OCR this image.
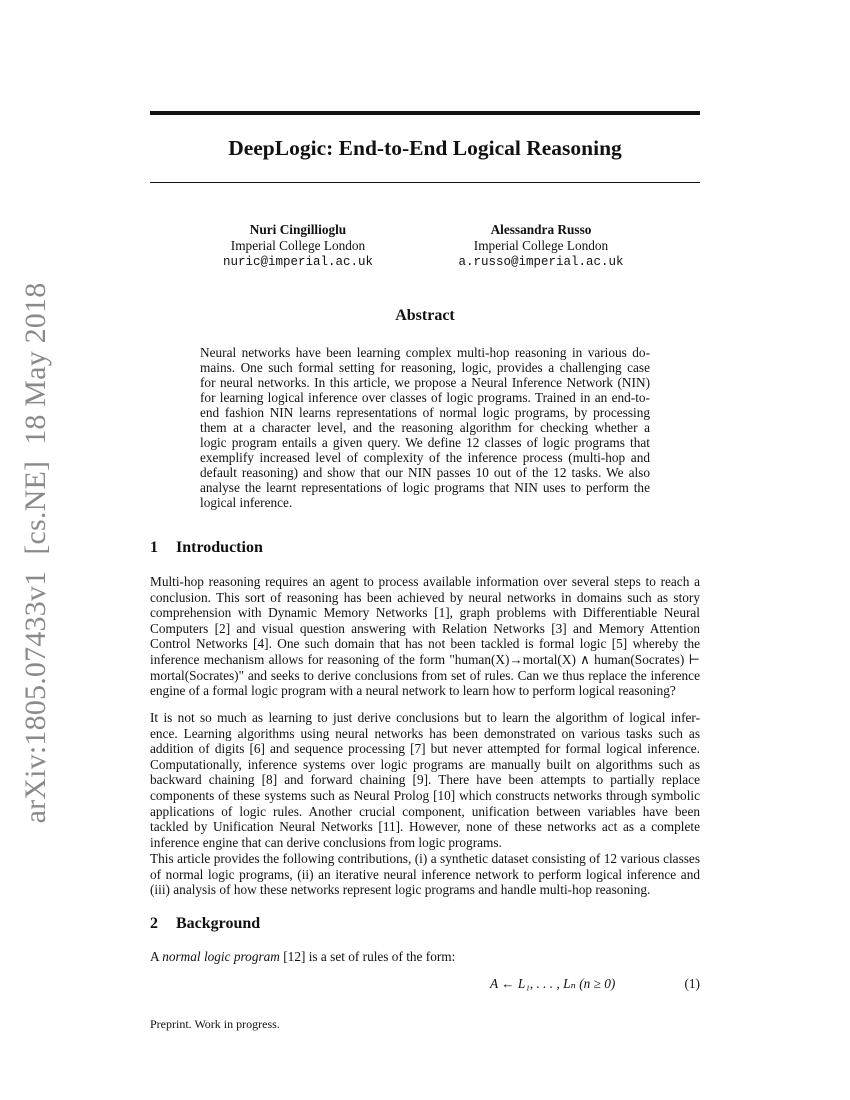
arXiv:1805.07433v1[cs.NE]18 May 2018
DeepLogic: End-to-End Logical Reasoning
Nuri Cingillioglu
Imperial College London
nuric@imperial.ac.uk
Alessandra Russo
Imperial College London
a.russo@imperial.ac.uk
Abstract
Neural networks have been learning complex multi-hop reasoning in various do-
mains. One such formal setting for reasoning, logic, provides a challenging case
for neural networks. In this article, we propose a Neural Inference Network (NIN)
for learning logical inference over classes of logic programs. Trained in an end-to-
end fashion NIN learns representations of normal logic programs, by processing
them at a character level, and the reasoning algorithm for checking whether a
logic program entails a given query. We define 12 classes of logic programs that
exemplify increased level of complexity of the inference process (multi-hop and
default reasoning) and show that our NIN passes 10 out of the 12 tasks. We also
analyse the learnt representations of logic programs that NIN uses to perform the
logical inference.
1 Introduction
Multi-hop reasoning requires an agent to process available information over several steps to reach a
conclusion. This sort of reasoning has been achieved by neural networks in domains such as story
comprehension with Dynamic Memory Networks [1], graph problems with Differentiable Neural
Computers [2] and visual question answering with Relation Networks [3] and Memory Attention
Control Networks [4]. One such domain that has not been tackled is formal logic [5] whereby the
inference mechanism allows for reasoning of the form "human(X)→mortal(X) ∧ human(Socrates) ⊢
mortal(Socrates)" and seeks to derive conclusions from set of rules. Can we thus replace the inference
engine of a formal logic program with a neural network to learn how to perform logical reasoning?
It is not so much as learning to just derive conclusions but to learn the algorithm of logical infer-
ence. Learning algorithms using neural networks has been demonstrated on various tasks such as
addition of digits [6] and sequence processing [7] but never attempted for formal logical inference.
Computationally, inference systems over logic programs are manually built on algorithms such as
backward chaining [8] and forward chaining [9]. There have been attempts to partially replace
components of these systems such as Neural Prolog [10] which constructs networks through symbolic
applications of logic rules. Another crucial component, unification between variables have been
tackled by Unification Neural Networks [11]. However, none of these networks act as a complete
inference engine that can derive conclusions from logic programs.
This article provides the following contributions, (i) a synthetic dataset consisting of 12 various classes
of normal logic programs, (ii) an iterative neural inference network to perform logical inference and
(iii) analysis of how these networks represent logic programs and handle multi-hop reasoning.
2 Background
A normal logic program [12] is a set of rules of the form:
A ← L₁, . . . , Lₙ (n ≥ 0)	(1)
Preprint. Work in progress.
